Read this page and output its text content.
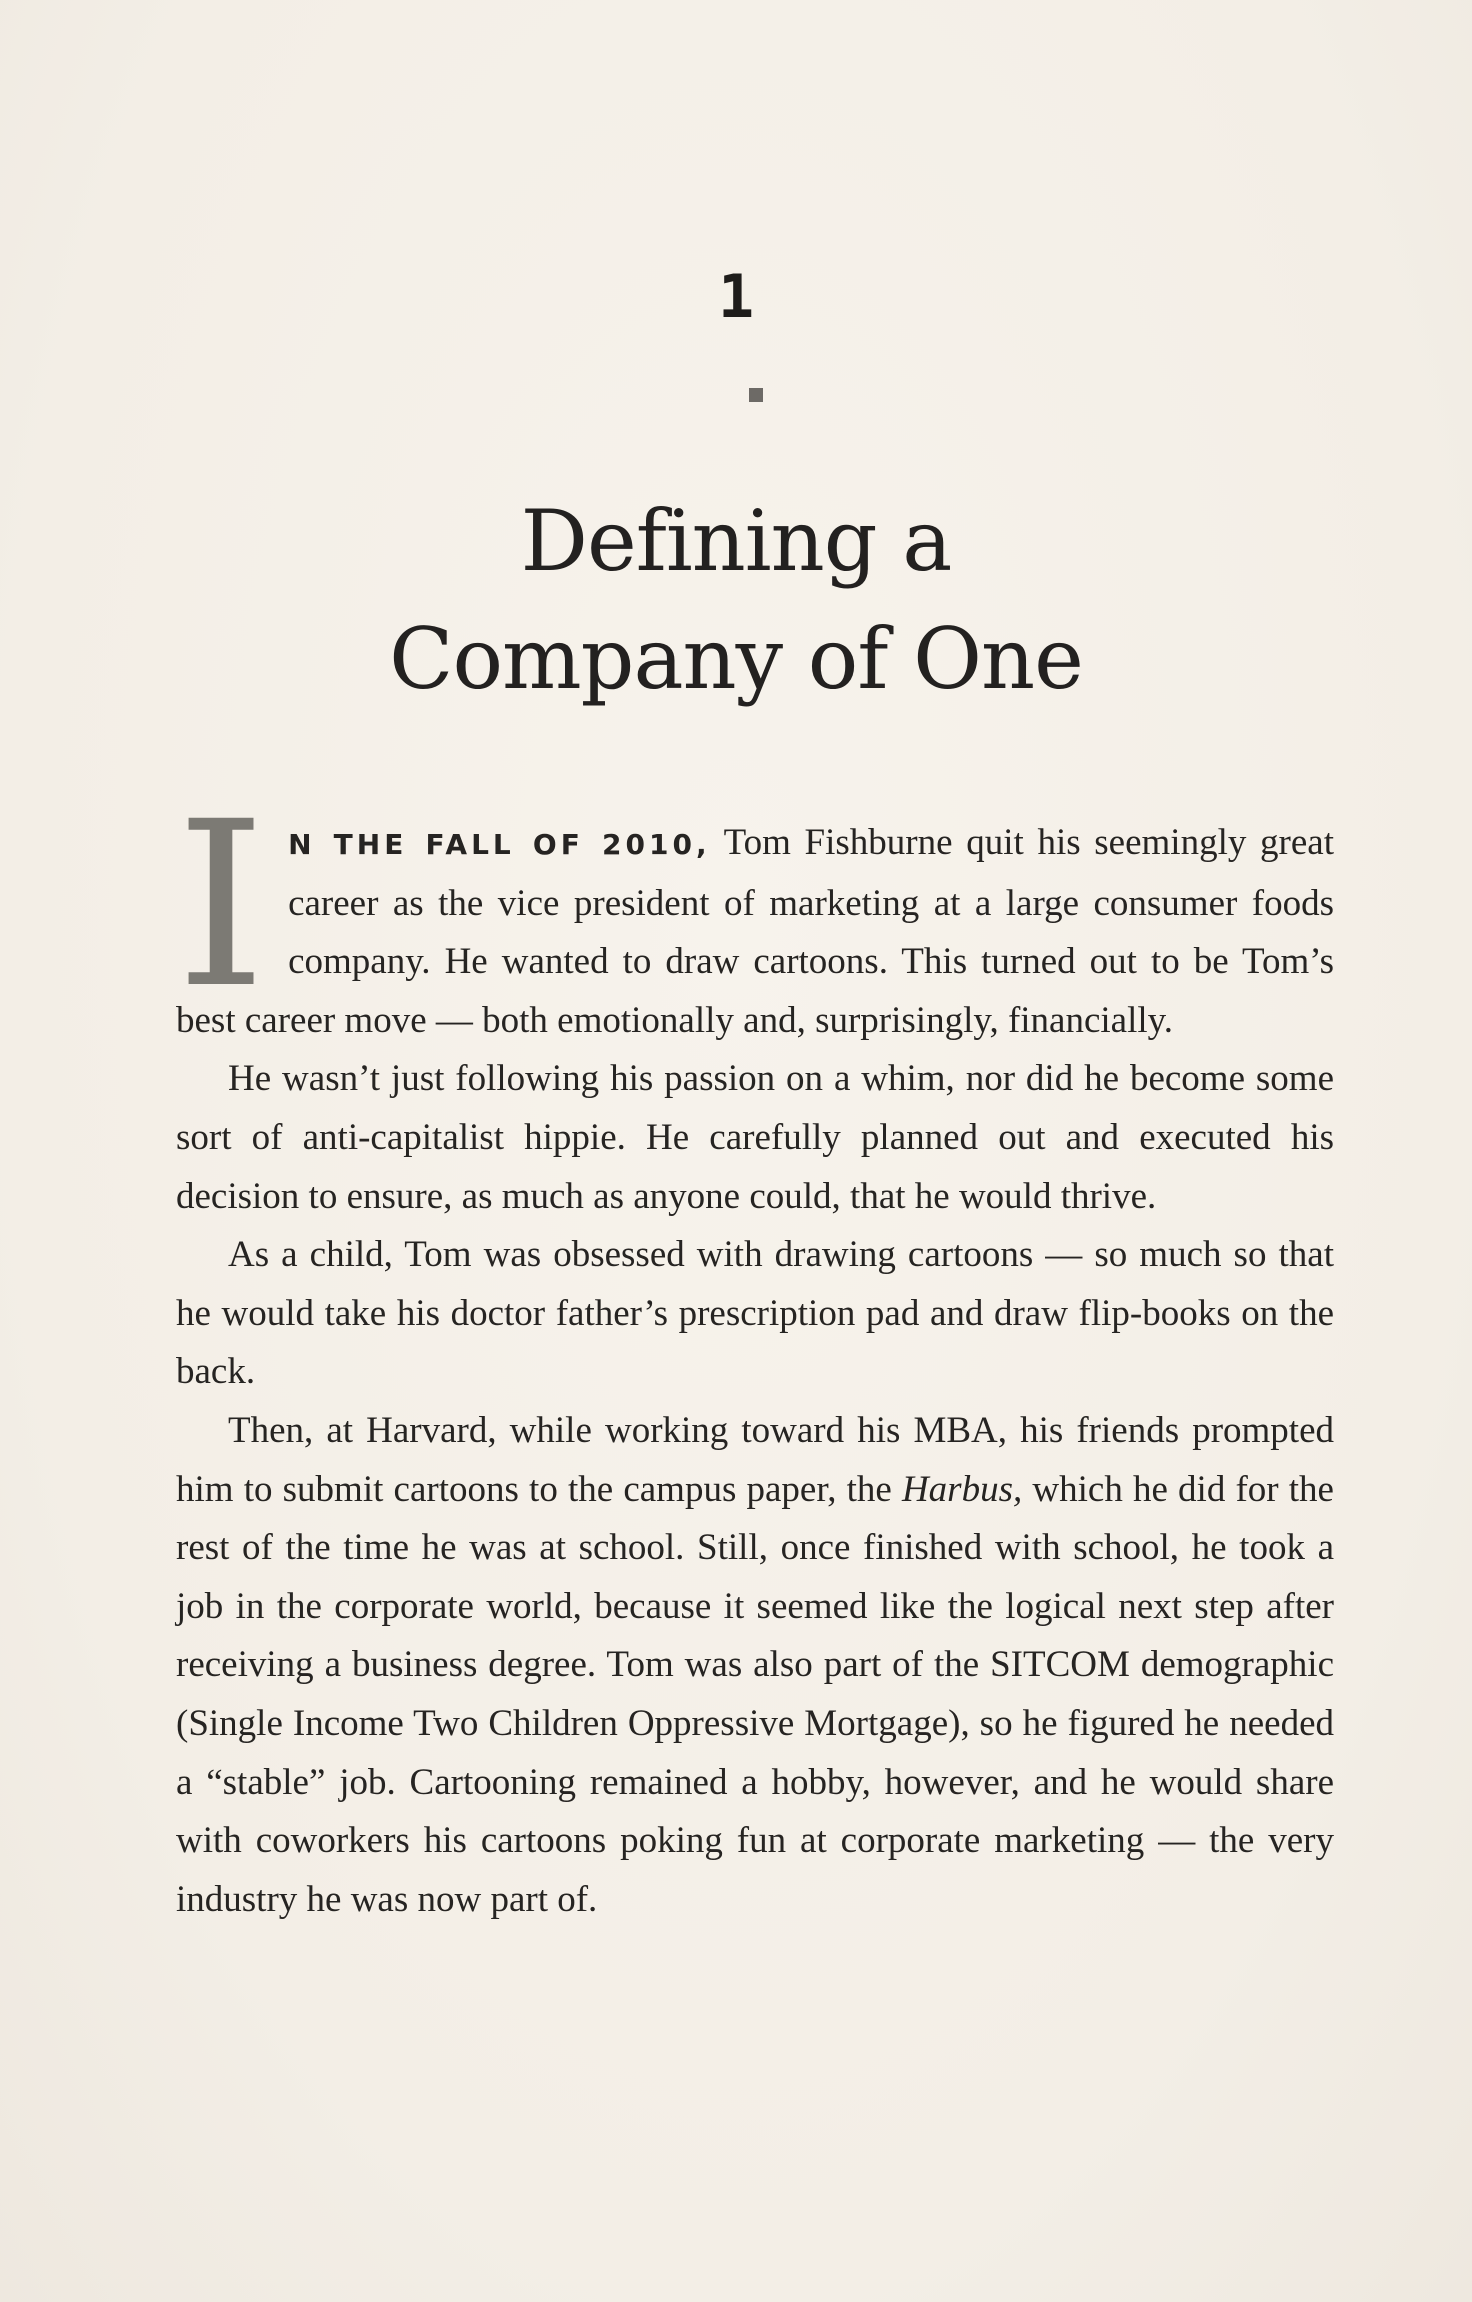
1
Defining a
Company of One

I N THE FALL OF 2010, Tom Fishburne quit his seemingly great career as the vice president of marketing at a large consumer foods company. He wanted to draw cartoons. This turned out to be Tom’s best career move — both emotionally and, surprisingly, financially.

He wasn’t just following his passion on a whim, nor did he become some sort of anti-capitalist hippie. He carefully planned out and executed his decision to ensure, as much as anyone could, that he would thrive.

As a child, Tom was obsessed with drawing cartoons — so much so that he would take his doctor father’s prescription pad and draw flip-books on the back.

Then, at Harvard, while working toward his MBA, his friends prompted him to submit cartoons to the campus paper, the Harbus, which he did for the rest of the time he was at school. Still, once finished with school, he took a job in the corporate world, because it seemed like the logical next step after receiving a business degree. Tom was also part of the SITCOM demographic (Single Income Two Children Oppressive Mortgage), so he figured he needed a “stable” job. Cartooning remained a hobby, however, and he would share with coworkers his cartoons poking fun at corporate marketing — the very industry he was now part of.
